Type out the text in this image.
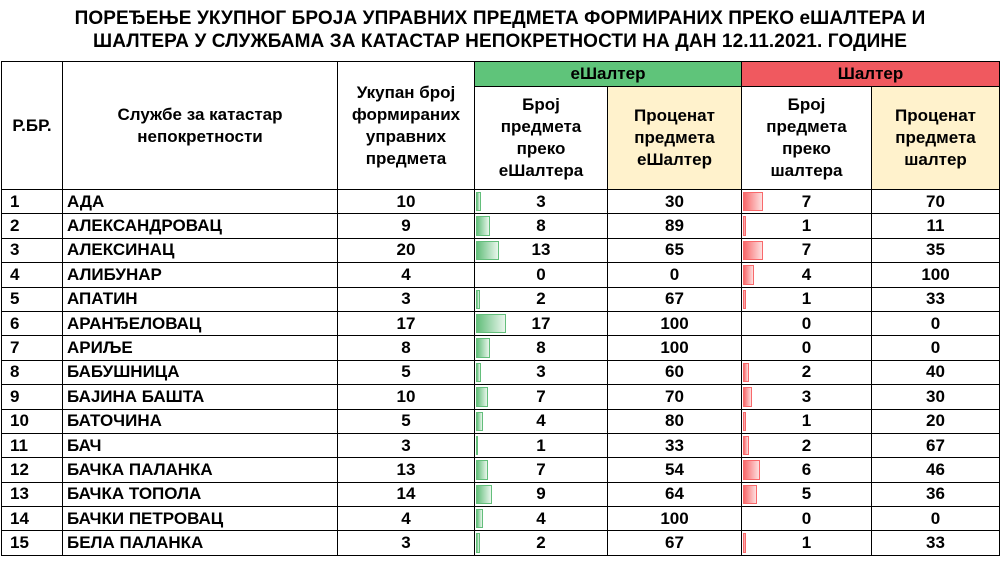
ПОРЕЂЕЊЕ УКУПНОГ БРОЈА УПРАВНИХ ПРЕДМЕТА ФОРМИРАНИХ ПРЕКО еШАЛТЕРА И
ШАЛТЕРА У СЛУЖБАМА ЗА КАТАСТАР НЕПОКРЕТНОСТИ НА ДАН 12.11.2021. ГОДИНЕ
Р.БР.	Службе за катастар непокретности	Укупан број формираних управних предмета	еШалтер		Шалтер	
			Број предмета преко еШалтера	Проценат предмета еШалтер	Број предмета преко шалтера	Проценат предмета шалтер
1	АДА	10	3	30	7	70
2	АЛЕКСАНДРОВАЦ	9	8	89	1	11
3	АЛЕКСИНАЦ	20	13	65	7	35
4	АЛИБУНАР	4	0	0	4	100
5	АПАТИН	3	2	67	1	33
6	АРАНЂЕЛОВАЦ	17	17	100	0	0
7	АРИЉЕ	8	8	100	0	0
8	БАБУШНИЦА	5	3	60	2	40
9	БАЈИНА БАШТА	10	7	70	3	30
10	БАТОЧИНА	5	4	80	1	20
11	БАЧ	3	1	33	2	67
12	БАЧКА ПАЛАНКА	13	7	54	6	46
13	БАЧКА ТОПОЛА	14	9	64	5	36
14	БАЧКИ ПЕТРОВАЦ	4	4	100	0	0
15	БЕЛА ПАЛАНКА	3	2	67	1	33
